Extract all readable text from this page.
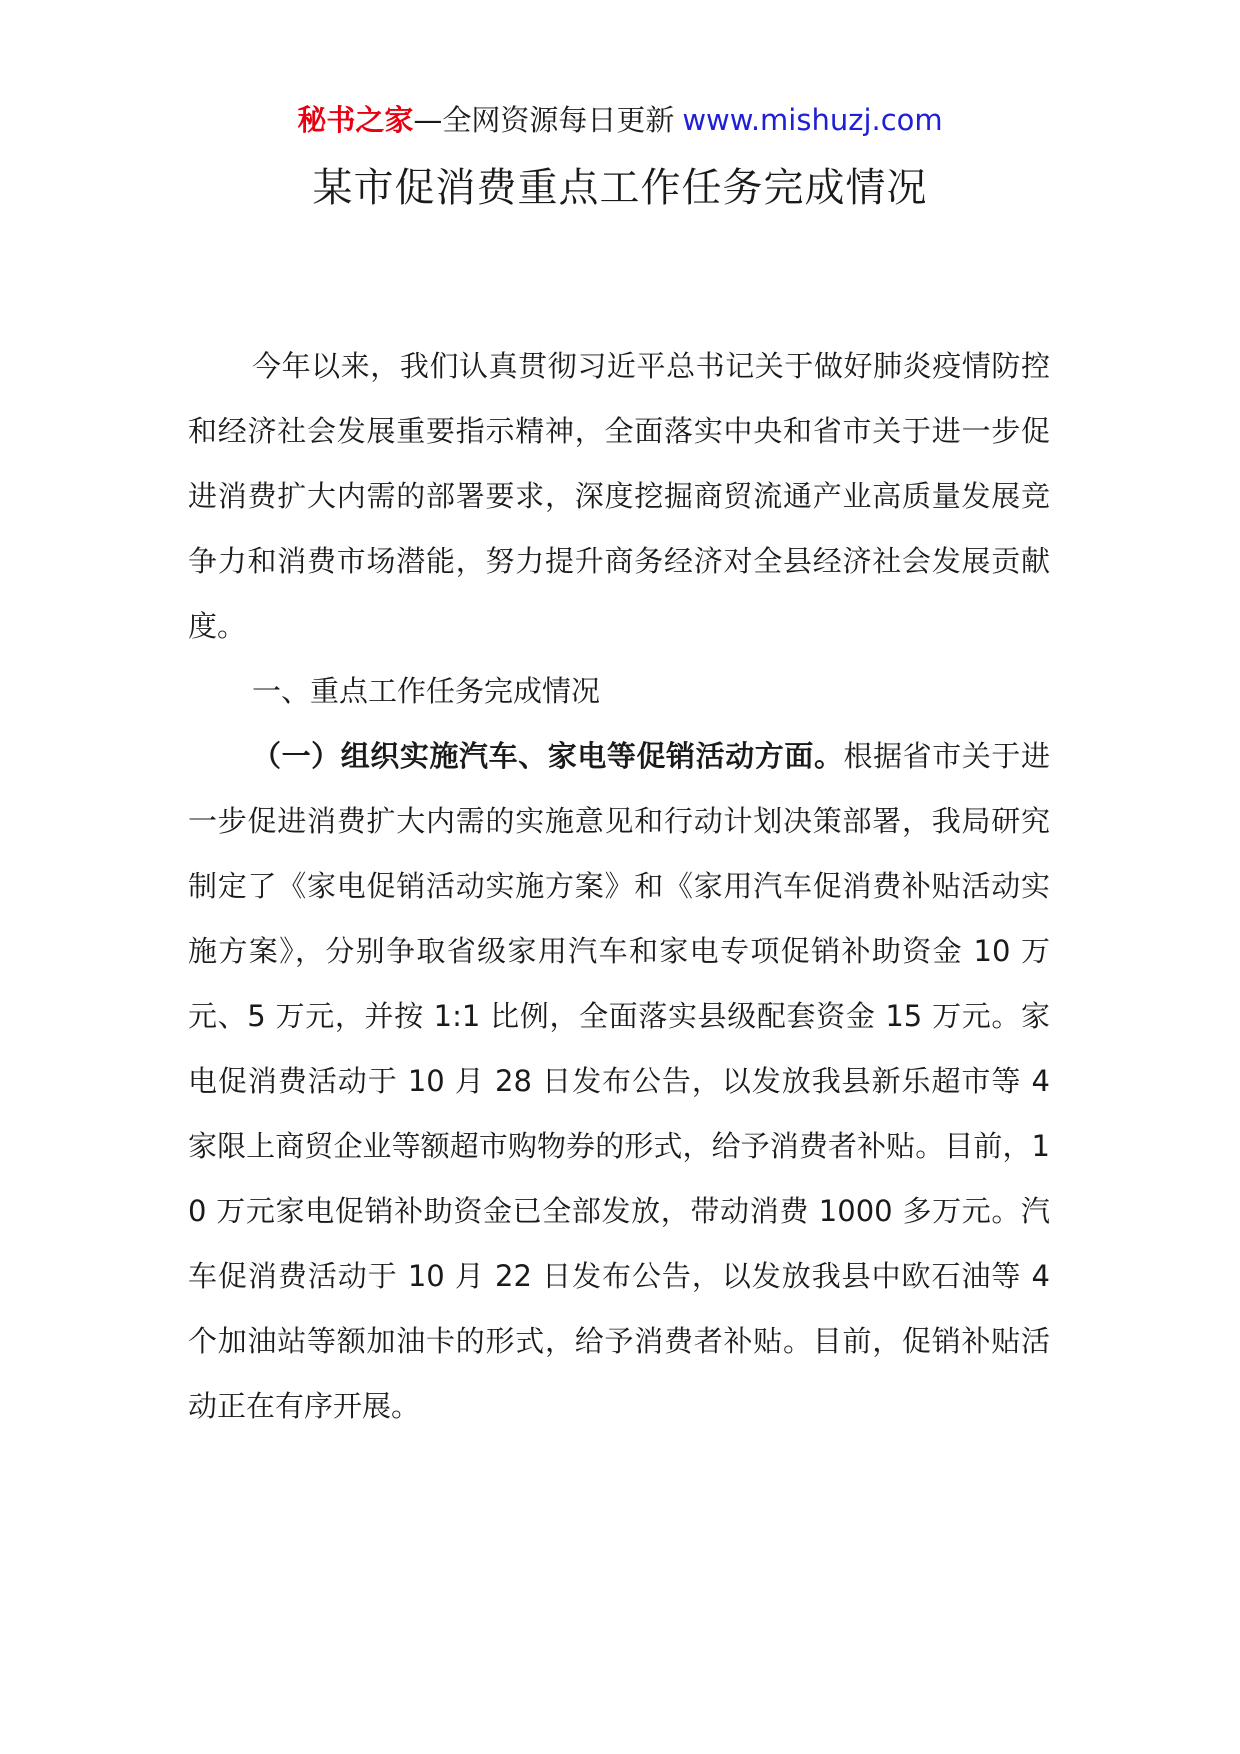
秘书之家—全网资源每日更新 www.mishuzj.com
某市促消费重点工作任务完成情况

今年以来，我们认真贯彻习近平总书记关于做好肺炎疫情防控和经济社会发展重要指示精神，全面落实中央和省市关于进一步促进消费扩大内需的部署要求，深度挖掘商贸流通产业高质量发展竞争力和消费市场潜能，努力提升商务经济对全县经济社会发展贡献度。

一、重点工作任务完成情况

（一）组织实施汽车、家电等促销活动方面。根据省市关于进一步促进消费扩大内需的实施意见和行动计划决策部署，我局研究制定了《家电促销活动实施方案》和《家用汽车促消费补贴活动实施方案》，分别争取省级家用汽车和家电专项促销补助资金 10 万元、5 万元，并按 1:1 比例，全面落实县级配套资金 15 万元。家电促消费活动于 10 月 28 日发布公告，以发放我县新乐超市等 4 家限上商贸企业等额超市购物券的形式，给予消费者补贴。目前，10 万元家电促销补助资金已全部发放，带动消费 1000 多万元。汽车促消费活动于 10 月 22 日发布公告，以发放我县中欧石油等 4 个加油站等额加油卡的形式，给予消费者补贴。目前，促销补贴活动正在有序开展。
